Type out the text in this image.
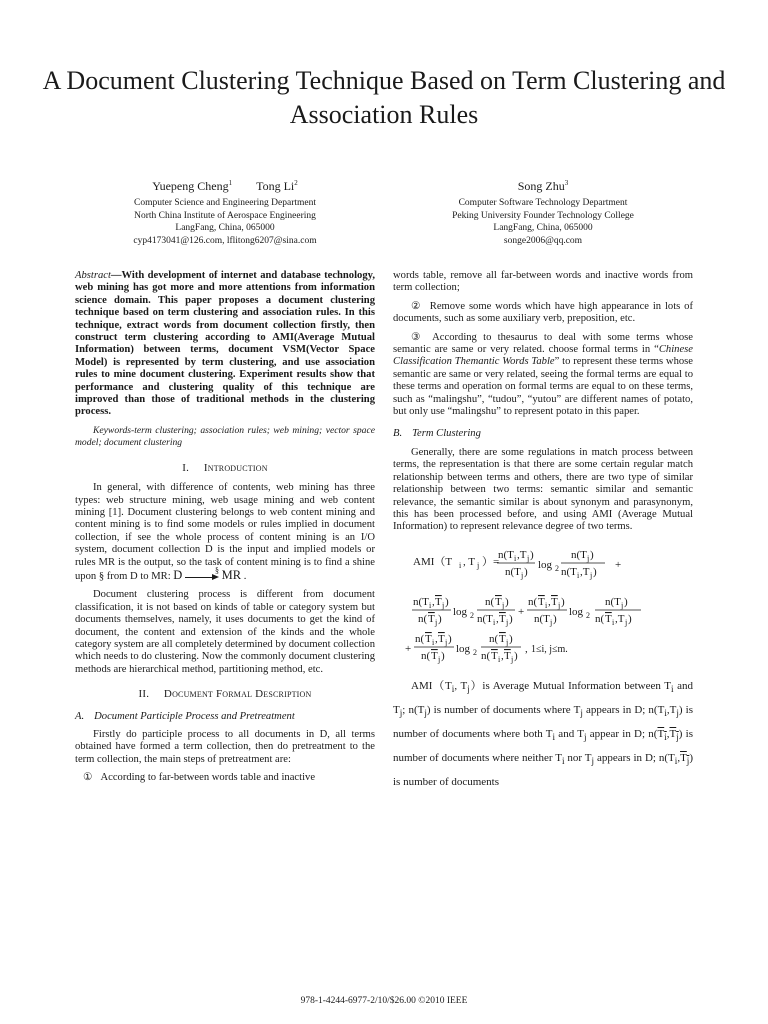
A Document Clustering Technique Based on Term Clustering and Association Rules
Yuepeng Cheng$^1$        Tong Li$^2$
Computer Science and Engineering Department
North China Institute of Aerospace Engineering
LangFang, China, 065000
cyp4173041@126.com, lflitong6207@sina.com
Song Zhu$^3$
Computer Software Technology Department
Peking University Founder Technology College
LangFang, China, 065000
songe2006@qq.com

Abstract—With development of internet and database technology, web mining has got more and more attentions from information science domain. This paper proposes a document clustering technique based on term clustering and association rules. In this technique, extract words from document collection firstly, then construct term clustering according to AMI(Average Mutual Information) between terms, document VSM(Vector Space Model) is represented by term clustering, and use association rules to mine document clustering. Experiment results show that performance and clustering quality of this technique are improved than those of traditional methods in the clustering process.

Keywords-term clustering; association rules; web mining; vector space model; document clustering

I. Introduction

In general, with difference of contents, web mining has three types: web structure mining, web usage mining and web content mining [1]. Document clustering belongs to web content mining and content mining is to find some models or rules implied in document collection, if see the whole process of content mining is an I/O system, document collection D is the input and implied models or rules MR is the output, so the task of content mining is to find a shine upon § from D to MR: D	§ MR .

Document clustering process is different from document classification, it is not based on kinds of table or category system but documents themselves, namely, it uses documents to get the kind of document, the content and extension of the kinds and the whole category system are all completely determined by document collection which needs to do clustering. Now the commonly document clustering methods are hierarchical method, partitioning method, etc.

II. Document Formal Description
A. Document Participle Process and Pretreatment

Firstly do participle process to all documents in D, all terms obtained have formed a term collection, then do pretreatment to the term collection, the main steps of pretreatment are:

① According to far-between words table and inactive

words table, remove all far-between words and inactive words from term collection;

② Remove some words which have high appearance in lots of documents, such as some auxiliary verb, preposition, etc.

③ According to thesaurus to deal with some terms whose semantic are same or very related. choose formal terms in “Chinese Classification Themantic Words Table” to represent these terms whose semantic are same or very related, seeing the formal terms are equal to these terms and operation on formal terms are equal to on these terms, such as “malingshu”, “tudou”, “yutou” are different names of potato, but only use “malingshu” to represent potato in this paper.

B. Term Clustering

Generally, there are some regulations in match process between terms, the representation is that there are some certain regular match relationship between terms and others, there are two type of similar relationship between two terms: semantic similar and semantic relevance, the semantic similar is about synonym and parasynonym, this has been processed before, and using AMI (Average Mutual Information) to represent relevance degree of two terms.

AMI（T i , T j ）=
n(T i ,T j )
n(T j )
log 2
n(T j )
n(T i ,T j )
+
n(T i , T j )
n( T j )
log 2
n( T j )
n(T i , T j )
+
n( T i , T j )
n(T j )
log 2
n(T j )
n( T i ,T j )
+
n( T i , T j )
n( T j )
log 2
n( T j )
n( T i , T j )
, 1≤i, j≤m.

$AMI(T_i$, $T_j)is$ Average Mutual Information between $T_i$ and $T_j$; $n(T_j)$ is number of documents where $T_j$ appears in D; $n(T_i,T_j)$ is number of documents where both $T_i$ and $T_j$ appear in D; $n(T_i,T_j)$ is number of documents where neither $T_i$ nor $T_j$ appears in D; $n(T_i,T_j)$ is number of documents

978-1-4244-6977-2/10/$26.00 ©2010 IEEE
